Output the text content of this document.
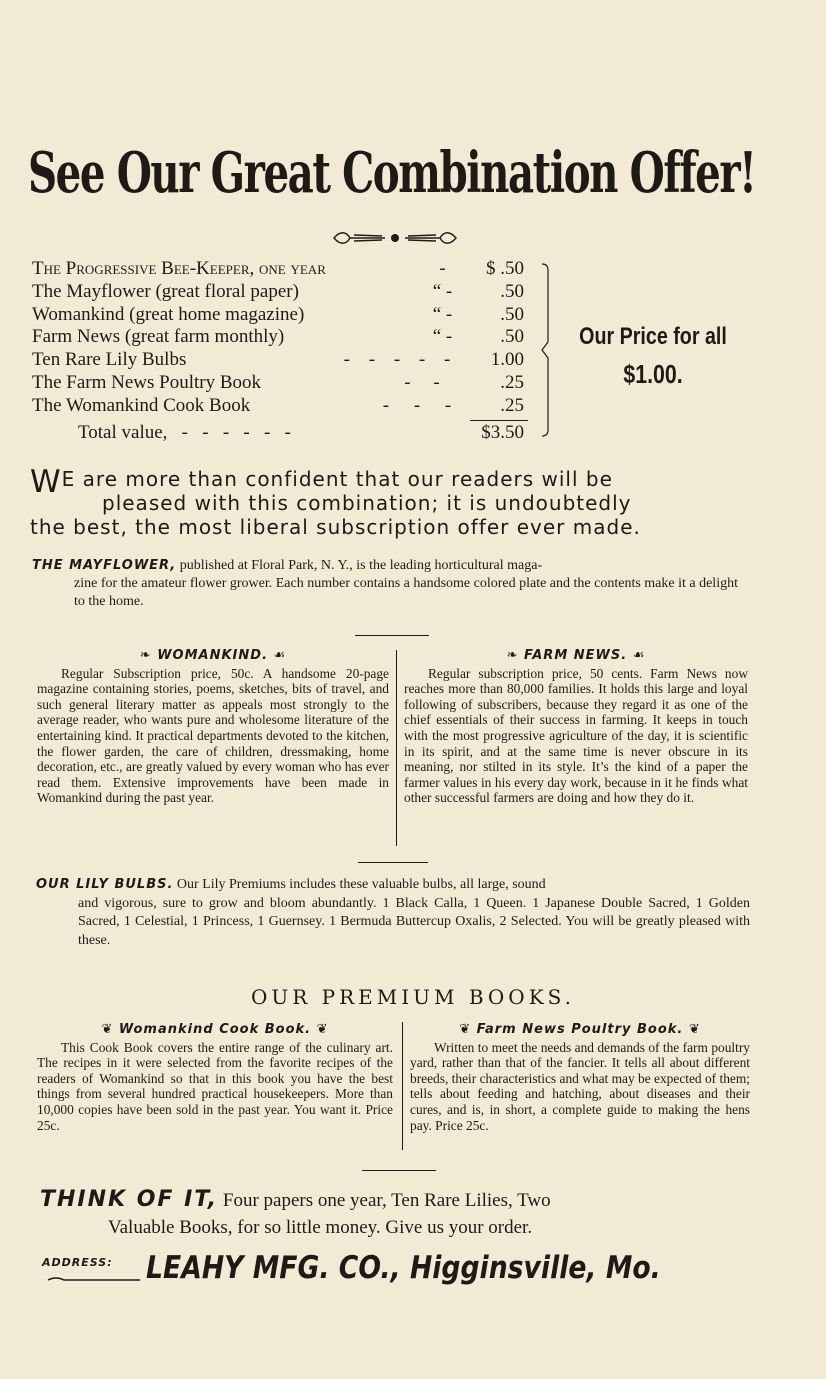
See Our Great Combination Offer!
The Progressive Bee-Keeper, one year	-	$ .50
The Mayflower (great floral paper)	“ -	.50
Womankind (great home magazine)	“ -	.50
Farm News (great farm monthly)	“ -	.50
Ten Rare Lily Bulbs	- - - - -	1.00
The Farm News Poultry Book	- -	.25
The Womankind Cook Book	- - -	.25
Total value,   -   -   -   -   -   -	$3.50
Our Price for all
$1.00.

WE are more than confident that our readers will be

pleased with this combination; it is undoubtedly

the best, the most liberal subscription offer ever made.

THE MAYFLOWER, published at Floral Park, N. Y., is the leading horticultural maga-
zine for the amateur flower grower. Each number contains a handsome colored plate and the contents make it a delight to the home.
❧ WOMANKIND. ☙

Regular Subscription price, 50c. A handsome 20-page magazine containing stories, poems, sketches, bits of travel, and such general literary matter as appeals most strongly to the average reader, who wants pure and wholesome literature of the entertaining kind. It practical departments devoted to the kitchen, the flower garden, the care of children, dressmaking, home decoration, etc., are greatly valued by every woman who has ever read them. Extensive improvements have been made in Womankind during the past year.

❧ FARM NEWS. ☙

Regular subscription price, 50 cents. Farm News now reaches more than 80,000 families. It holds this large and loyal following of subscribers, because they regard it as one of the chief essentials of their success in farming. It keeps in touch with the most progressive agriculture of the day, it is scientific in its spirit, and at the same time is never obscure in its meaning, nor stilted in its style. It’s the kind of a paper the farmer values in his every day work, because in it he finds what other successful farmers are doing and how they do it.

OUR LILY BULBS. Our Lily Premiums includes these valuable bulbs, all large, sound
and vigorous, sure to grow and bloom abundantly. 1 Black Calla, 1 Queen. 1 Japanese Double Sacred, 1 Golden Sacred, 1 Celestial, 1 Princess, 1 Guernsey. 1 Bermuda Buttercup Oxalis, 2 Selected. You will be greatly pleased with these.
OUR PREMIUM BOOKS.
❦ Womankind Cook Book. ❦

This Cook Book covers the entire range of the culinary art. The recipes in it were selected from the favorite recipes of the readers of Womankind so that in this book you have the best things from several hundred practical housekeepers. More than 10,000 copies have been sold in the past year. You want it. Price 25c.

❦ Farm News Poultry Book. ❦

Written to meet the needs and demands of the farm poultry yard, rather than that of the fancier. It tells all about different breeds, their characteristics and what may be expected of them; tells about feeding and hatching, about diseases and their cures, and is, in short, a complete guide to making the hens pay. Price 25c.

THINK OF IT, Four papers one year, Ten Rare Lilies, Two
Valuable Books, for so little money. Give us your order.
ADDRESS: LEAHY MFG. CO., Higginsville, Mo.
